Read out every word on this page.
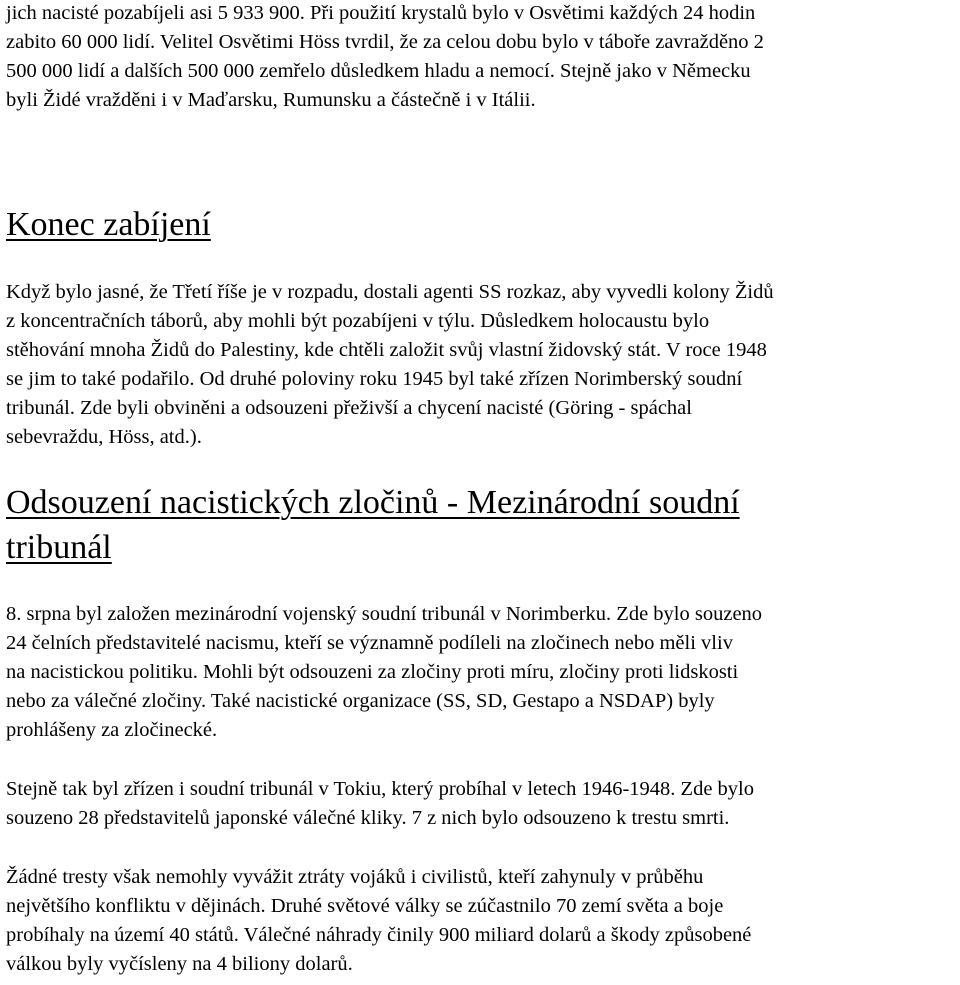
jich nacisté pozabíjeli asi 5 933 900. Při použití krystalů bylo v Osvětimi každých 24 hodin

zabito 60 000 lidí. Velitel Osvětimi Höss tvrdil, že za celou dobu bylo v táboře zavražděno 2

500 000 lidí a dalších 500 000 zemřelo důsledkem hladu a nemocí. Stejně jako v Německu

byli Židé vražděni i v Maďarsku, Rumunsku a částečně i v Itálii.

Konec zabíjení

Když bylo jasné, že Třetí říše je v rozpadu, dostali agenti SS rozkaz, aby vyvedli kolony Židů

z koncentračních táborů, aby mohli být pozabíjeni v týlu. Důsledkem holocaustu bylo

stěhování mnoha Židů do Palestiny, kde chtěli založit svůj vlastní židovský stát. V roce 1948

se jim to také podařilo. Od druhé poloviny roku 1945 byl také zřízen Norimberský soudní

tribunál. Zde byli obviněni a odsouzeni přeživší a chycení nacisté (Göring - spáchal

sebevraždu, Höss, atd.).

Odsouzení nacistických zločinů - Mezinárodní soudní
tribunál

8. srpna byl založen mezinárodní vojenský soudní tribunál v Norimberku. Zde bylo souzeno

24 čelních představitelé nacismu, kteří se významně podíleli na zločinech nebo měli vliv

na nacistickou politiku. Mohli být odsouzeni za zločiny proti míru, zločiny proti lidskosti

nebo za válečné zločiny. Také nacistické organizace (SS, SD, Gestapo a NSDAP) byly

prohlášeny za zločinecké.

Stejně tak byl zřízen i soudní tribunál v Tokiu, který probíhal v letech 1946-1948. Zde bylo

souzeno 28 představitelů japonské válečné kliky. 7 z nich bylo odsouzeno k trestu smrti.

Žádné tresty však nemohly vyvážit ztráty vojáků i civilistů, kteří zahynuly v průběhu

největšího konfliktu v dějinách. Druhé světové války se zúčastnilo 70 zemí světa a boje

probíhaly na území 40 států. Válečné náhrady činily 900 miliard dolarů a škody způsobené

válkou byly vyčísleny na 4 biliony dolarů.
